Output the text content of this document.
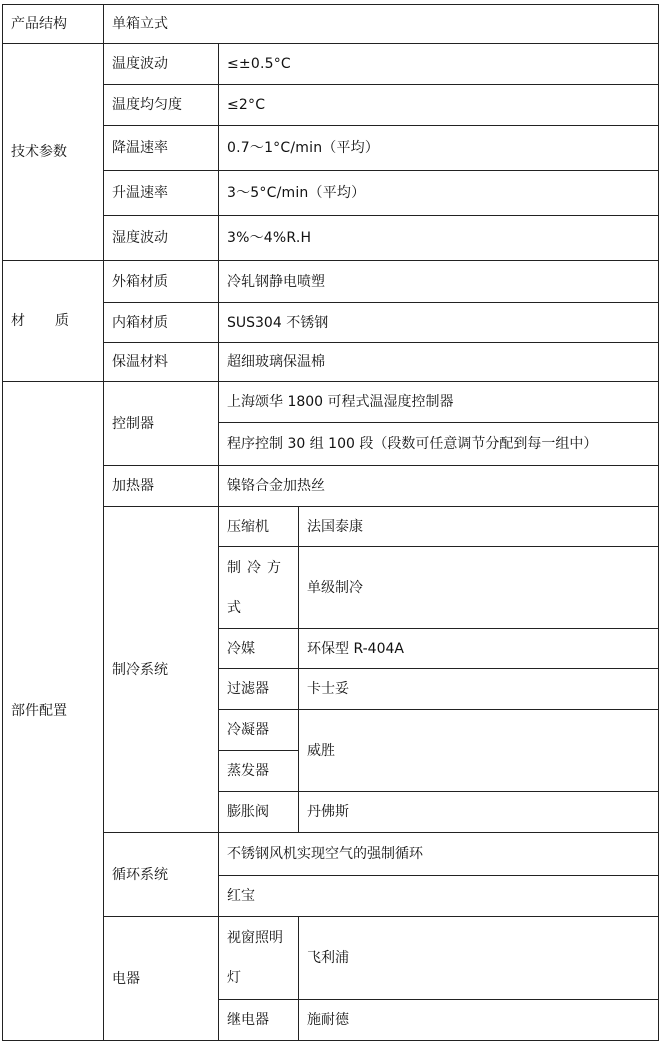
产品结构	单箱立式		
技术参数	温度波动	≤±0.5°C	
	温度均匀度	≤2°C	
	降温速率	0.7～1°C/min（平均）	
	升温速率	3～5°C/min（平均）	
	湿度波动	3%～4%R.H	
材 质	外箱材质	冷轧钢静电喷塑	
	内箱材质	SUS304 不锈钢	
	保温材料	超细玻璃保温棉	
部件配置	控制器	上海颂华 1800 可程式温湿度控制器	
		程序控制 30 组 100 段（段数可任意调节分配到每一组中）	
	加热器	镍铬合金加热丝	
	制冷系统	压缩机	法国泰康
		制冷方式	单级制冷
		冷媒	环保型 R-404A
		过滤器	卡士妥
		冷凝器	威胜
		蒸发器	
		膨胀阀	丹佛斯
	循环系统	不锈钢风机实现空气的强制循环	
		红宝	
	电器	视窗照明灯	飞利浦
		继电器	施耐德
